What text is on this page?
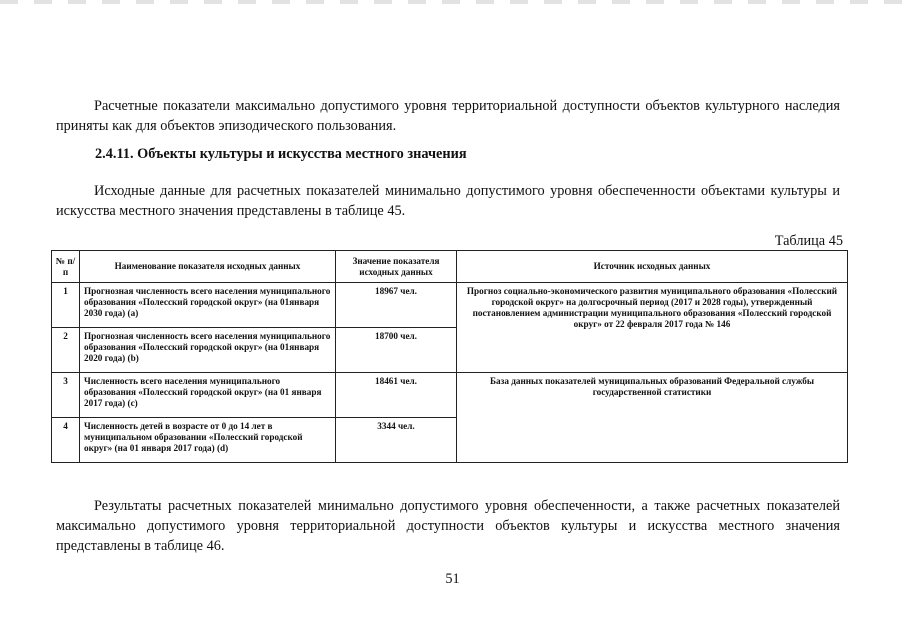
Расчетные показатели максимально допустимого уровня территориальной доступности объектов культурного наследия приняты как для объектов эпизодического пользования.

2.4.11. Объекты культуры и искусства местного значения

Исходные данные для расчетных показателей минимально допустимого уровня обеспеченности объектами культуры и искусства местного значения представлены в таблице 45.

Таблица 45
№ п/п	Наименование показателя исходных данных	Значение показателя исходных данных	Источник исходных данных
1	Прогнозная численность всего населения муниципального образования «Полесский городской округ» (на 01января 2030 года) (a)	18967 чел.	Прогноз социально-экономического развития муниципального образования «Полесский городской округ» на долгосрочный период (2017 и 2028 годы), утвержденный постановлением администрации муниципального образования «Полесский городской округ» от 22 февраля 2017 года № 146
2	Прогнозная численность всего населения муниципального образования «Полесский городской округ» (на 01января 2020 года) (b)	18700 чел.	
3	Численность всего населения муниципального образования «Полесский городской округ» (на 01 января 2017 года) (c)	18461 чел.	База данных показателей муниципальных образований Федеральной службы государственной статистики
4	Численность детей в возрасте от 0 до 14 лет в муниципальном образовании «Полесский городской округ» (на 01 января 2017 года) (d)	3344 чел.	

Результаты расчетных показателей минимально допустимого уровня обеспеченности, а также расчетных показателей максимально допустимого уровня территориальной доступности объектов культуры и искусства местного значения представлены в таблице 46.

51
